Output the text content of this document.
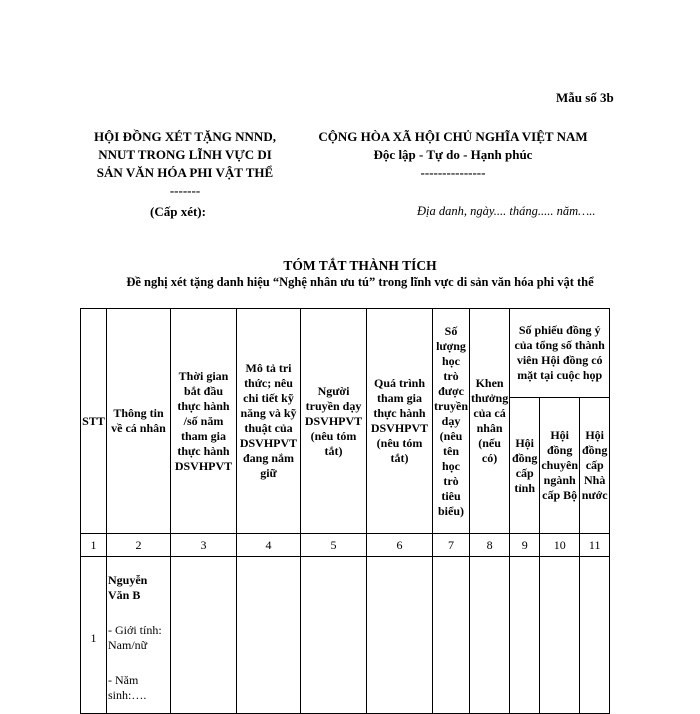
Mẫu số 3b
HỘI ĐỒNG XÉT TẶNG NNND,
NNUT TRONG LĨNH VỰC DI
SẢN VĂN HÓA PHI VẬT THỂ
-------
CỘNG HÒA XÃ HỘI CHỦ NGHĨA VIỆT NAM
Độc lập - Tự do - Hạnh phúc
---------------
(Cấp xét):	Địa danh, ngày.... tháng..... năm…..
TÓM TẮT THÀNH TÍCH
Đề nghị xét tặng danh hiệu “Nghệ nhân ưu tú” trong lĩnh vực di sản văn hóa phi vật thể
STT	Thông tin về cá nhân	Thời gian bắt đầu thực hành /số năm tham gia thực hành DSVHPVT	Mô tả tri thức; nêu chi tiết kỹ năng và kỹ thuật của DSVHPVT đang nắm giữ	Người truyền dạy DSVHPVT (nêu tóm tắt)	Quá trình tham gia thực hành DSVHPVT (nêu tóm tắt)	Số lượng học trò được truyền dạy (nêu tên học trò tiêu biểu)	Khen thưởng của cá nhân (nếu có)	Số phiếu đồng ý của tổng số thành viên Hội đồng có mặt tại cuộc họp		
								Hội đồng cấp tỉnh	Hội đồng chuyên ngành cấp Bộ	Hội đồng cấp Nhà nước
1	2	3	4	5	6	7	8	9	10	11
1	Nguyễn Văn B
- Giới tính: Nam/nữ
- Năm sinh:….									
